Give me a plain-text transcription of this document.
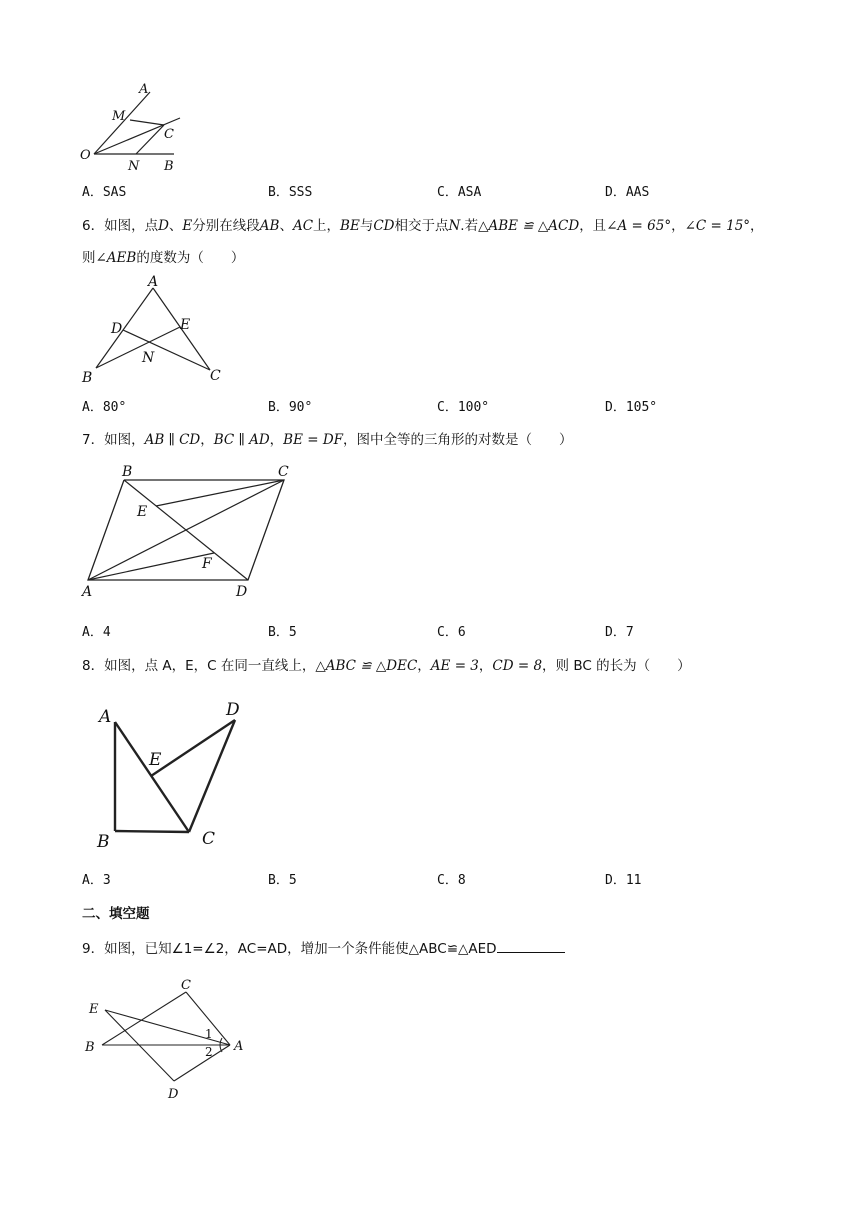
A
M
C
O
N B
A．SAS	B．SSS	C．ASA	D．AAS
6．如图，点D、E分别在线段AB、AC上，BE与CD相交于点N.若△ABE ≌ △ACD，且∠A = 65°，∠C = 15°，
则∠AEB的度数为（　　）
A
D	E
N
B	C
A．80°	B．90°	C．100°	D．105°
7．如图，AB ∥ CD，BC ∥ AD，BE = DF，图中全等的三角形的对数是（　　）
B	C
E
F
A	D
A．4	B．5	C．6	D．7
8．如图，点 A，E，C 在同一直线上，△ABC ≌ △DEC，AE = 3，CD = 8，则 BC 的长为（　　）
A	D
E
B	C
A．3	B．5	C．8	D．11
二、填空题
9．如图，已知∠1=∠2，AC=AD，增加一个条件能使△ABC≌△AED
C
E
B	A
D
1
2
